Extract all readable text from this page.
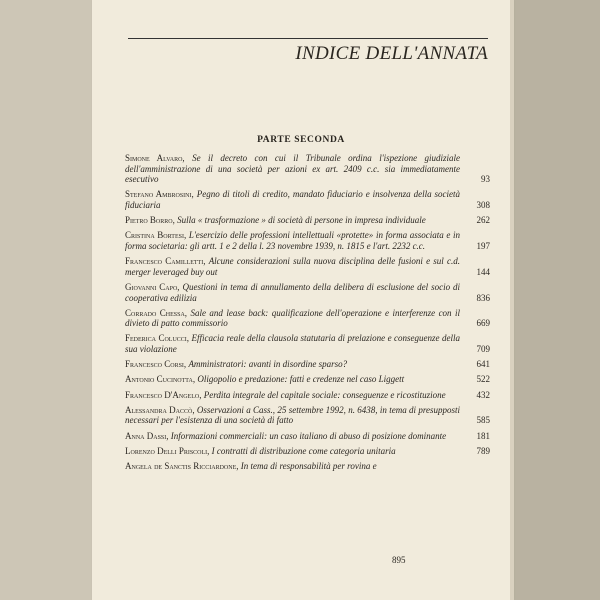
INDICE DELL'ANNATA
PARTE SECONDA
Simone Alvaro, Se il decreto con cui il Tribunale ordina l'ispezione giudiziale dell'amministrazione di una società per azioni ex art. 2409 c.c. sia immediatamente esecutivo	93
Stefano Ambrosini, Pegno di titoli di credito, mandato fiduciario e insolvenza della società fiduciaria	308
Pietro Borro, Sulla « trasformazione » di società di persone in impresa individuale	262
Cristina Bortesi, L'esercizio delle professioni intellettuali «protette» in forma associata e in forma societaria: gli artt. 1 e 2 della l. 23 novembre 1939, n. 1815 e l'art. 2232 c.c.	197
Francesco Camilletti, Alcune considerazioni sulla nuova disciplina delle fusioni e sul c.d. merger leveraged buy out	144
Giovanni Capo, Questioni in tema di annullamento della delibera di esclusione del socio di cooperativa edilizia	836
Corrado Chessa, Sale and lease back: qualificazione dell'operazione e interferenze con il divieto di patto commissorio	669
Federica Colucci, Efficacia reale della clausola statutaria di prelazione e conseguenze della sua violazione	709
Francesco Corsi, Amministratori: avanti in disordine sparso?	641
Antonio Cucinotta, Oligopolio e predazione: fatti e credenze nel caso Liggett	522
Francesco D'Angelo, Perdita integrale del capitale sociale: conseguenze e ricostituzione	432
Alessandra Daccò, Osservazioni a Cass., 25 settembre 1992, n. 6438, in tema di presupposti necessari per l'esistenza di una società di fatto	585
Anna Dassi, Informazioni commerciali: un caso italiano di abuso di posizione dominante	181
Lorenzo Delli Priscoli, I contratti di distribuzione come categoria unitaria	789
Angela de Sanctis Ricciardone, In tema di responsabilità per rovina e
895
